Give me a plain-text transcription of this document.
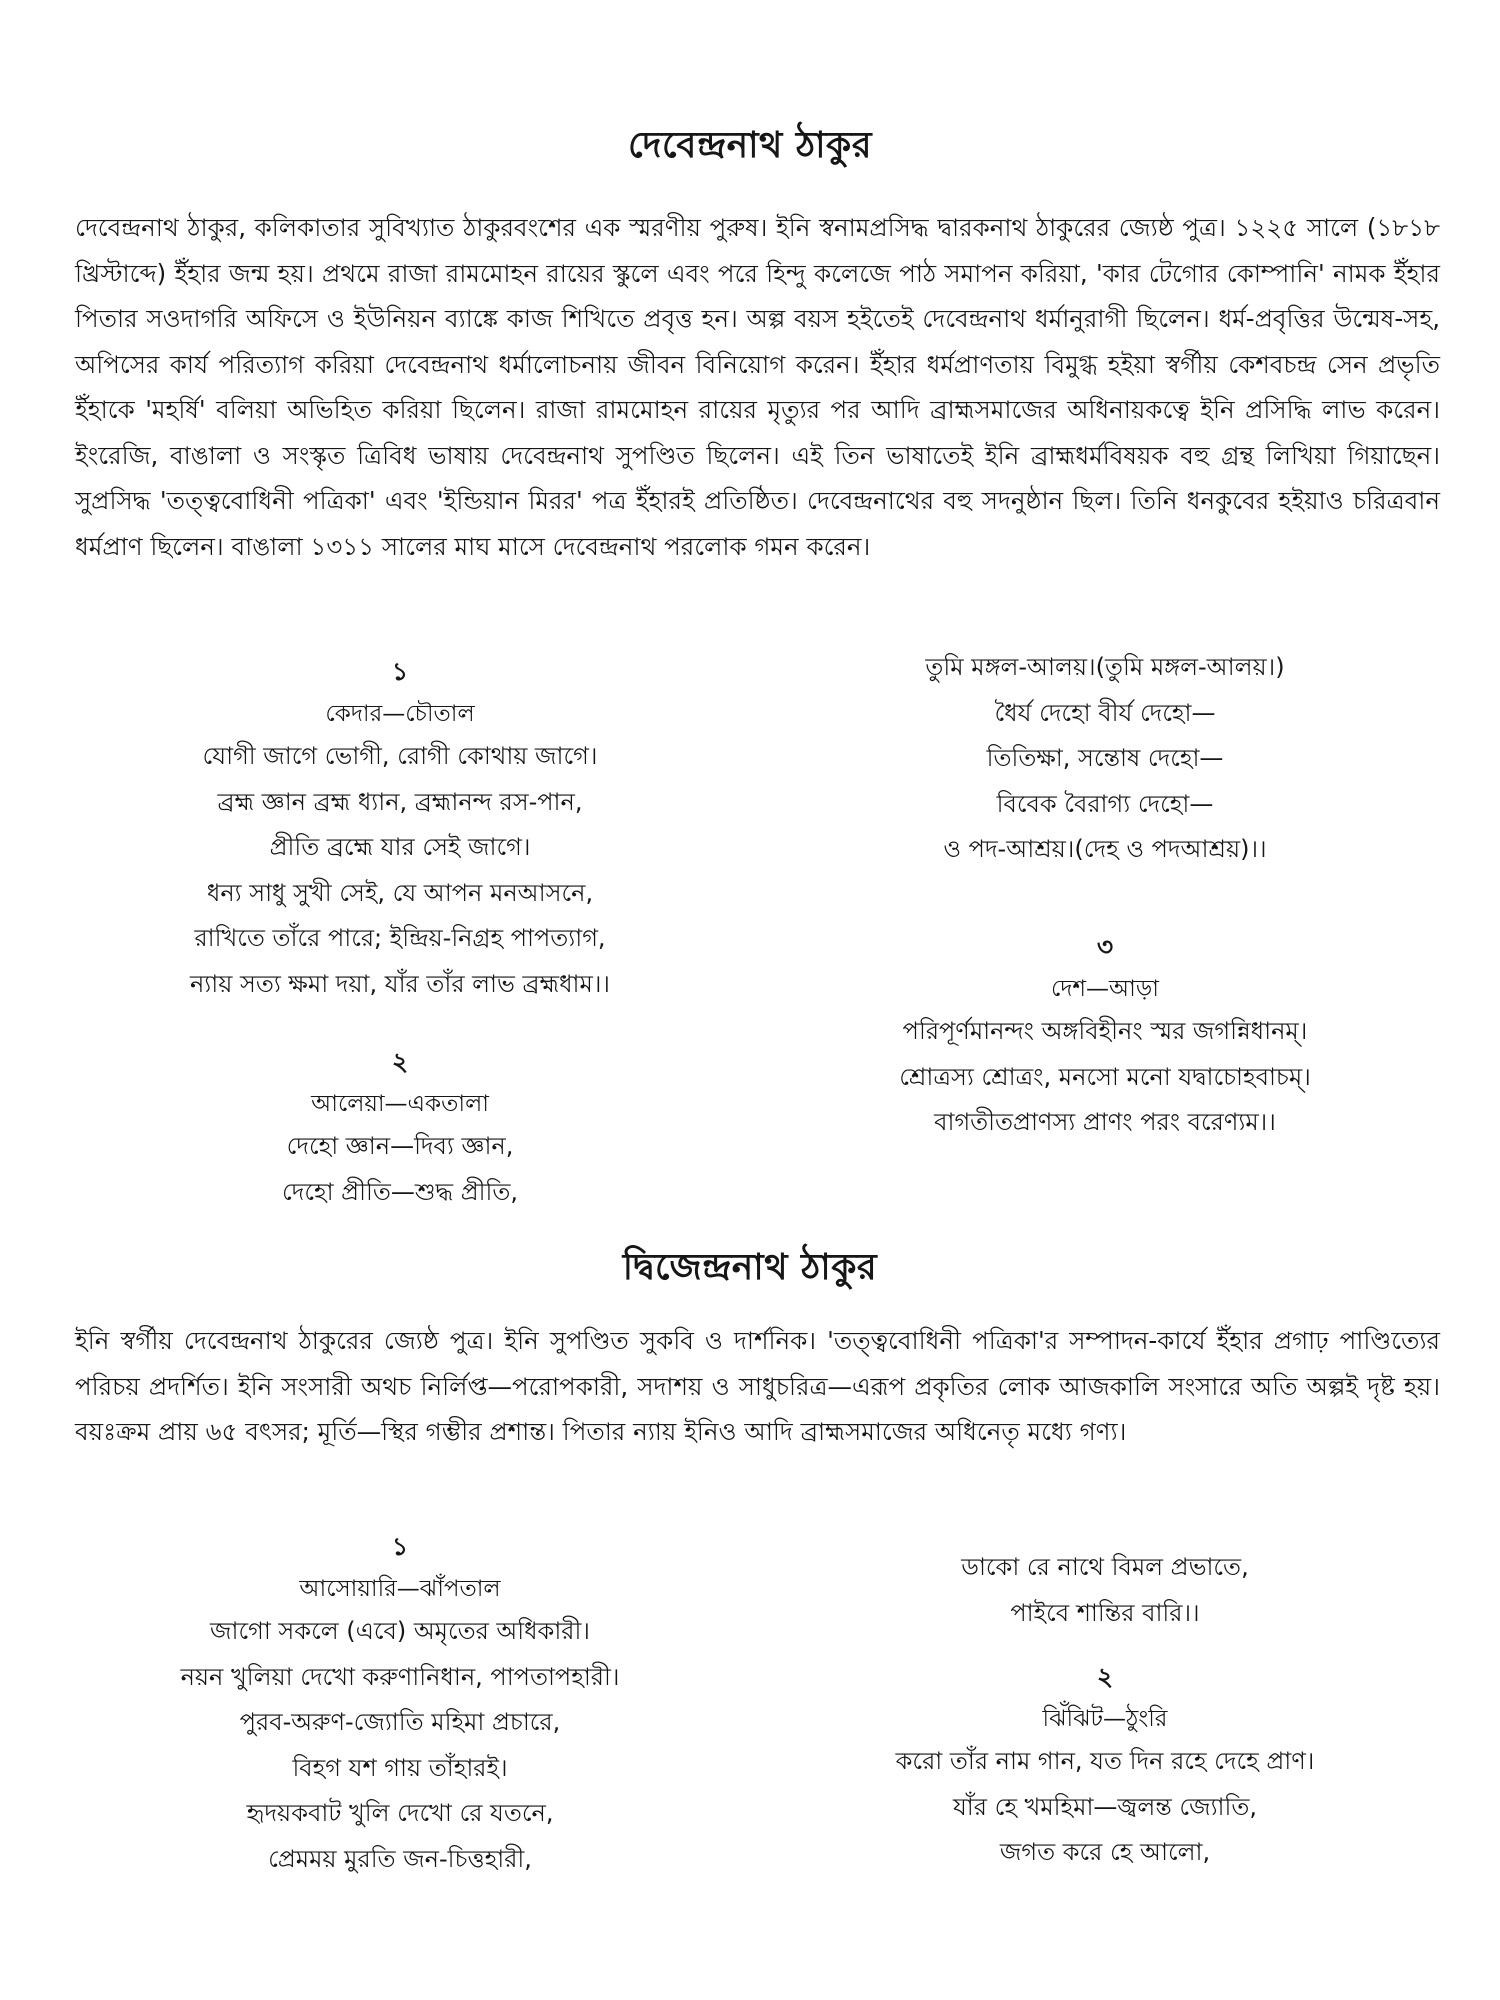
দেবেন্দ্রনাথ ঠাকুর

দেবেন্দ্রনাথ ঠাকুর, কলিকাতার সুবিখ্যাত ঠাকুরবংশের এক স্মরণীয় পুরুষ। ইনি স্বনামপ্রসিদ্ধ দ্বারকনাথ ঠাকুরের জ্যেষ্ঠ পুত্র। ১২২৫ সালে (১৮১৮ খ্রিস্টাব্দে) ইঁহার জন্ম হয়। প্রথমে রাজা রামমোহন রায়ের স্কুলে এবং পরে হিন্দু কলেজে পাঠ সমাপন করিয়া, 'কার টেগোর কোম্পানি' নামক ইঁহার পিতার সওদাগরি অফিসে ও ইউনিয়ন ব্যাঙ্কে কাজ শিখিতে প্রবৃত্ত হন। অল্প বয়স হইতেই দেবেন্দ্রনাথ ধর্মানুরাগী ছিলেন। ধর্ম-প্রবৃত্তির উন্মেষ-সহ, অপিসের কার্য পরিত্যাগ করিয়া দেবেন্দ্রনাথ ধর্মালোচনায় জীবন বিনিয়োগ করেন। ইঁহার ধর্মপ্রাণতায় বিমুগ্ধ হইয়া স্বর্গীয় কেশবচন্দ্র সেন প্রভৃতি ইঁহাকে 'মহর্ষি' বলিয়া অভিহিত করিয়া ছিলেন। রাজা রামমোহন রায়ের মৃত্যুর পর আদি ব্রাহ্মসমাজের অধিনায়কত্বে ইনি প্রসিদ্ধি লাভ করেন। ইংরেজি, বাঙালা ও সংস্কৃত ত্রিবিধ ভাষায় দেবেন্দ্রনাথ সুপণ্ডিত ছিলেন। এই তিন ভাষাতেই ইনি ব্রাহ্মধর্মবিষয়ক বহু গ্রন্থ লিখিয়া গিয়াছেন। সুপ্রসিদ্ধ 'তত্ত্ববোধিনী পত্রিকা' এবং 'ইন্ডিয়ান মিরর' পত্র ইঁহারই প্রতিষ্ঠিত। দেবেন্দ্রনাথের বহু সদনুষ্ঠান ছিল। তিনি ধনকুবের হইয়াও চরিত্রবান ধর্মপ্রাণ ছিলেন। বাঙালা ১৩১১ সালের মাঘ মাসে দেবেন্দ্রনাথ পরলোক গমন করেন।

১
কেদার—চৌতাল
যোগী জাগে ভোগী, রোগী কোথায় জাগে।
ব্রহ্ম জ্ঞান ব্রহ্ম ধ্যান, ব্রহ্মানন্দ রস-পান,
প্রীতি ব্রহ্মে যার সেই জাগে।
ধন্য সাধু সুখী সেই, যে আপন মনআসনে,
রাখিতে তাঁরে পারে; ইন্দ্রিয়-নিগ্রহ পাপত্যাগ,
ন্যায় সত্য ক্ষমা দয়া, যাঁর তাঁর লাভ ব্রহ্মধাম।।
২
আলেয়া—একতালা
দেহো জ্ঞান—দিব্য জ্ঞান,
দেহো প্রীতি—শুদ্ধ প্রীতি,
তুমি মঙ্গল-আলয়।(তুমি মঙ্গল-আলয়।)
ধৈর্য দেহো বীর্য দেহো—
তিতিক্ষা, সন্তোষ দেহো—
বিবেক বৈরাগ্য দেহো—
ও পদ-আশ্রয়।(দেহ ও পদআশ্রয়)।।
৩
দেশ—আড়া
পরিপূর্ণমানন্দং অঙ্গবিহীনং স্মর জগন্নিধানম্।
শ্রোত্রস্য শ্রোত্রং, মনসো মনো যদ্বাচোহবাচম্।
বাগতীতপ্রাণস্য প্রাণং পরং বরেণ্যম।।
দ্বিজেন্দ্রনাথ ঠাকুর

ইনি স্বর্গীয় দেবেন্দ্রনাথ ঠাকুরের জ্যেষ্ঠ পুত্র। ইনি সুপণ্ডিত সুকবি ও দার্শনিক। 'তত্ত্ববোধিনী পত্রিকা'র সম্পাদন-কার্যে ইঁহার প্রগাঢ় পাণ্ডিত্যের পরিচয় প্রদর্শিত। ইনি সংসারী অথচ নির্লিপ্ত—পরোপকারী, সদাশয় ও সাধুচরিত্র—এরূপ প্রকৃতির লোক আজকালি সংসারে অতি অল্পই দৃষ্ট হয়। বয়ঃক্রম প্রায় ৬৫ বৎসর; মূর্তি—স্থির গম্ভীর প্রশান্ত। পিতার ন্যায় ইনিও আদি ব্রাহ্মসমাজের অধিনেতৃ মধ্যে গণ্য।

১
আসোয়ারি—ঝাঁপতাল
জাগো সকলে (এবে) অমৃতের অধিকারী।
নয়ন খুলিয়া দেখো করুণানিধান, পাপতাপহারী।
পুরব-অরুণ-জ্যোতি মহিমা প্রচারে,
বিহগ যশ গায় তাঁহারই।
হৃদয়কবাট খুলি দেখো রে যতনে,
প্রেমময় মুরতি জন-চিত্তহারী,
ডাকো রে নাথে বিমল প্রভাতে,
পাইবে শান্তির বারি।।
২
ঝিঁঝিট—ঠুংরি
করো তাঁর নাম গান, যত দিন রহে দেহে প্রাণ।
যাঁর হে খমহিমা—জ্বলন্ত জ্যোতি,
জগত করে হে আলো,
